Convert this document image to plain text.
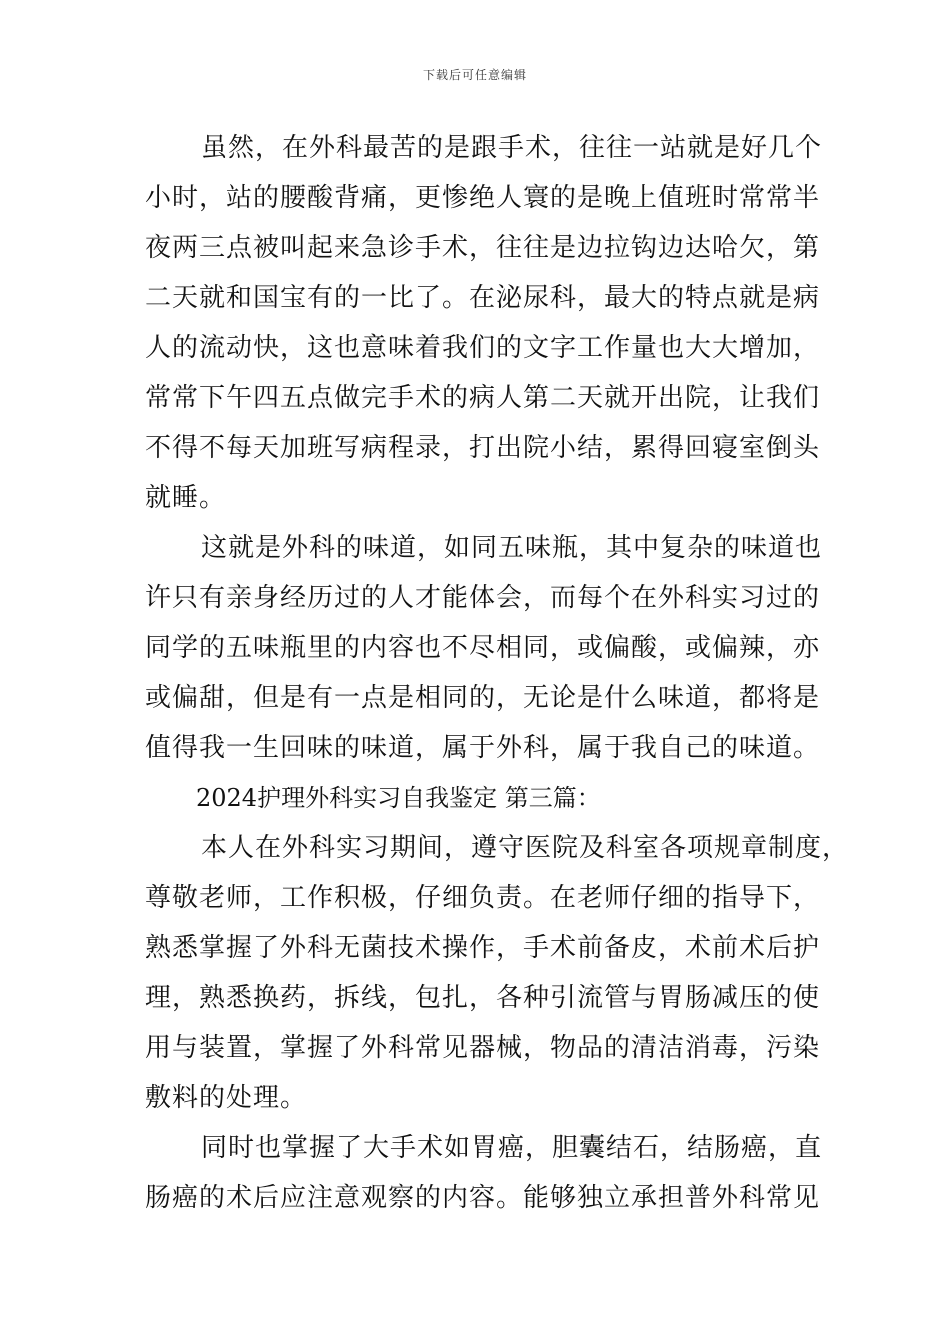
下载后可任意编辑
虽然，在外科最苦的是跟手术，往往一站就是好几个
小时，站的腰酸背痛，更惨绝人寰的是晚上值班时常常半
夜两三点被叫起来急诊手术，往往是边拉钩边达哈欠，第
二天就和国宝有的一比了。在泌尿科，最大的特点就是病
人的流动快，这也意味着我们的文字工作量也大大增加，
常常下午四五点做完手术的病人第二天就开出院，让我们
不得不每天加班写病程录，打出院小结，累得回寝室倒头
就睡。
这就是外科的味道，如同五味瓶，其中复杂的味道也
许只有亲身经历过的人才能体会，而每个在外科实习过的
同学的五味瓶里的内容也不尽相同，或偏酸，或偏辣，亦
或偏甜，但是有一点是相同的，无论是什么味道，都将是
值得我一生回味的味道，属于外科，属于我自己的味道。
2024护理外科实习自我鉴定 第三篇：
本人在外科实习期间，遵守医院及科室各项规章制度，
尊敬老师，工作积极，仔细负责。在老师仔细的指导下，
熟悉掌握了外科无菌技术操作，手术前备皮，术前术后护
理，熟悉换药，拆线，包扎，各种引流管与胃肠减压的使
用与装置，掌握了外科常见器械，物品的清洁消毒，污染
敷料的处理。
同时也掌握了大手术如胃癌，胆囊结石，结肠癌，直
肠癌的术后应注意观察的内容。能够独立承担普外科常见
